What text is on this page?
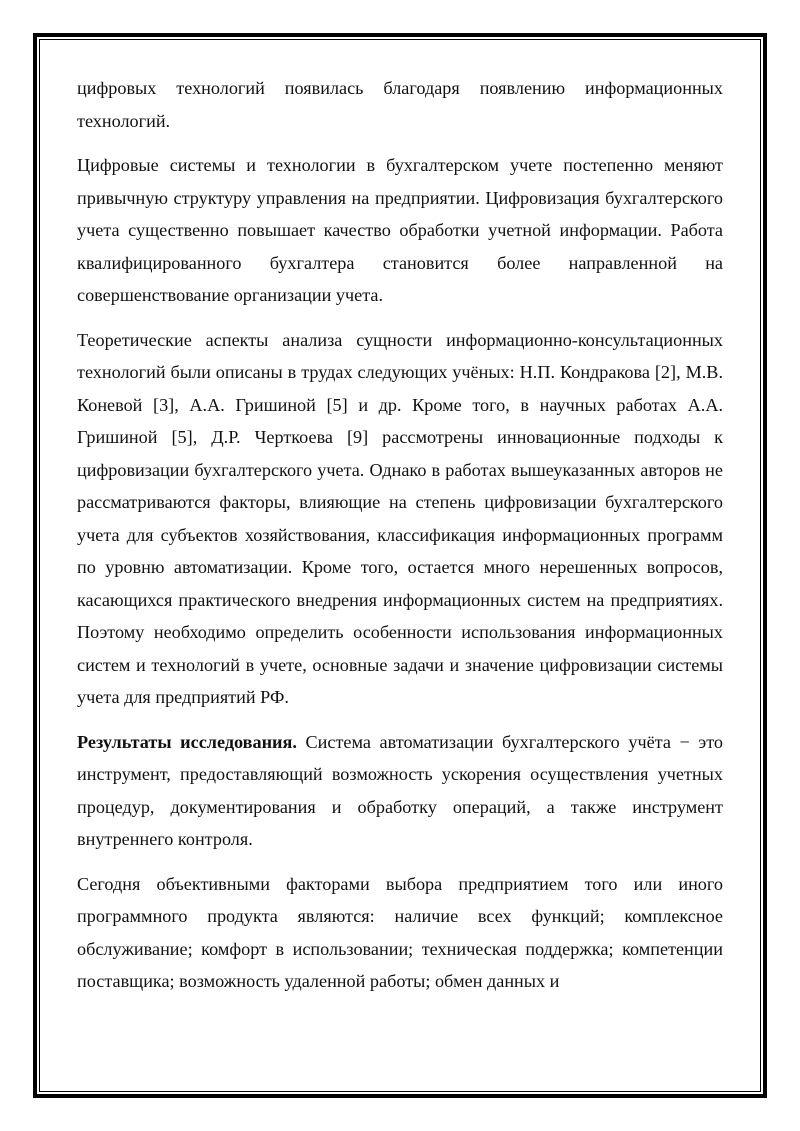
цифровых технологий появилась благодаря появлению информационных технологий.

Цифровые системы и технологии в бухгалтерском учете постепенно меняют привычную структуру управления на предприятии. Цифровизация бухгалтерского учета существенно повышает качество обработки учетной информации. Работа квалифицированного бухгалтера становится более направленной на совершенствование организации учета.

Теоретические аспекты анализа сущности информационно-консультационных технологий были описаны в трудах следующих учёных: Н.П. Кондракова [2], М.В. Коневой [3], А.А. Гришиной [5] и др. Кроме того, в научных работах А.А. Гришиной [5], Д.Р. Черткоева [9] рассмотрены инновационные подходы к цифровизации бухгалтерского учета. Однако в работах вышеуказанных авторов не рассматриваются факторы, влияющие на степень цифровизации бухгалтерского учета для субъектов хозяйствования, классификация информационных программ по уровню автоматизации. Кроме того, остается много нерешенных вопросов, касающихся практического внедрения информационных систем на предприятиях. Поэтому необходимо определить особенности использования информационных систем и технологий в учете, основные задачи и значение цифровизации системы учета для предприятий РФ.

Результаты исследования. Система автоматизации бухгалтерского учёта − это инструмент, предоставляющий возможность ускорения осуществления учетных процедур, документирования и обработку операций, а также инструмент внутреннего контроля.

Сегодня объективными факторами выбора предприятием того или иного программного продукта являются: наличие всех функций; комплексное обслуживание; комфорт в использовании; техническая поддержка; компетенции поставщика; возможность удаленной работы; обмен данных и
